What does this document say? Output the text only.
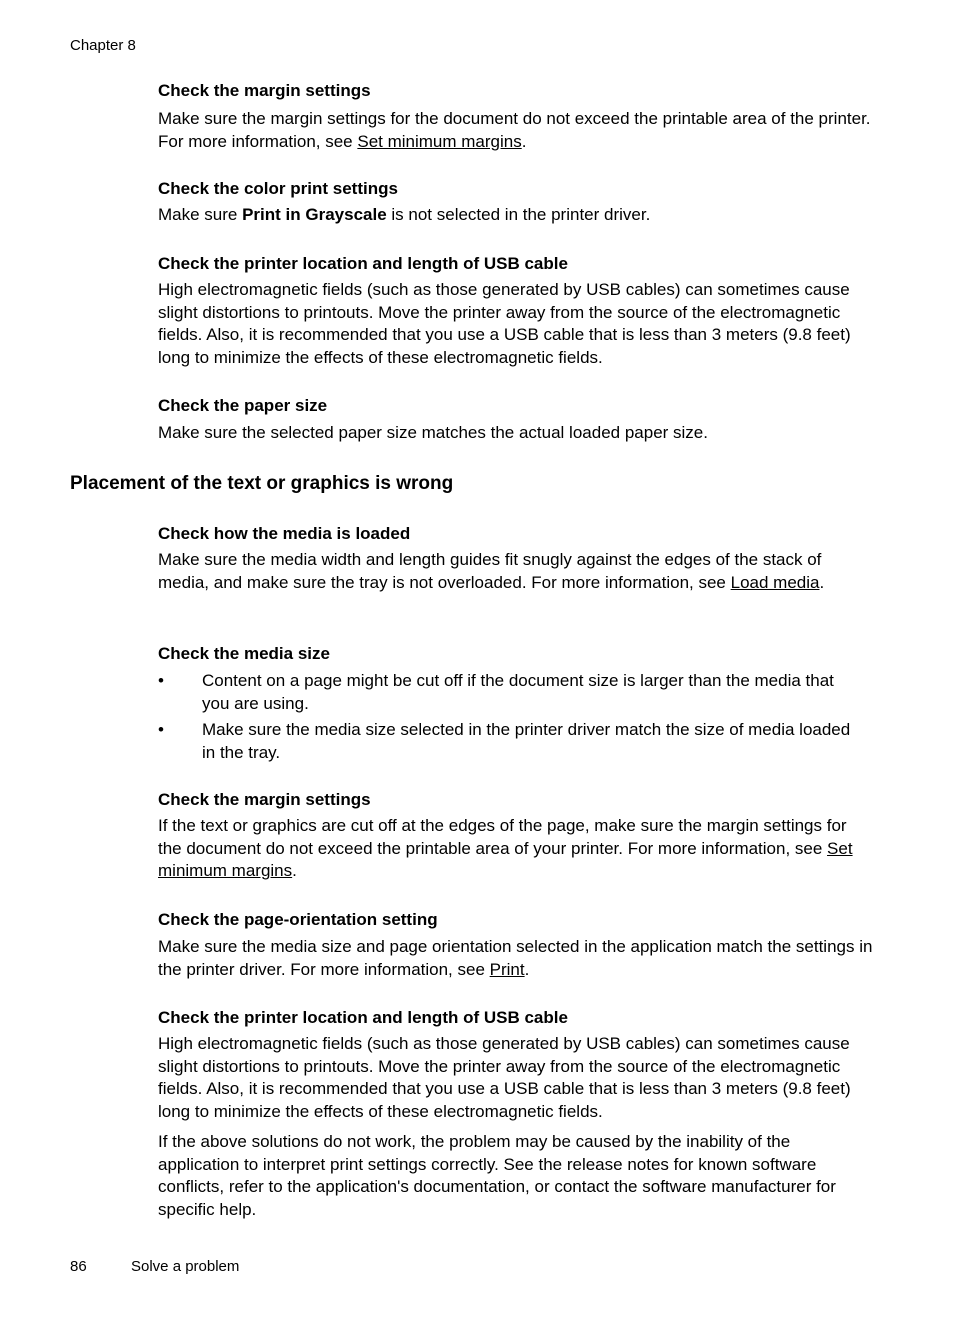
Chapter 8

Check the margin settings

Make sure the margin settings for the document do not exceed the printable area of the printer. For more information, see Set minimum margins.

Check the color print settings

Make sure Print in Grayscale is not selected in the printer driver.

Check the printer location and length of USB cable

High electromagnetic fields (such as those generated by USB cables) can sometimes cause slight distortions to printouts. Move the printer away from the source of the electromagnetic fields. Also, it is recommended that you use a USB cable that is less than 3 meters (9.8 feet) long to minimize the effects of these electromagnetic fields.

Check the paper size

Make sure the selected paper size matches the actual loaded paper size.

Placement of the text or graphics is wrong

Check how the media is loaded

Make sure the media width and length guides fit snugly against the edges of the stack of media, and make sure the tray is not overloaded. For more information, see Load media.

Check the media size

• Content on a page might be cut off if the document size is larger than the media that you are using.
• Make sure the media size selected in the printer driver match the size of media loaded in the tray.

Check the margin settings

If the text or graphics are cut off at the edges of the page, make sure the margin settings for the document do not exceed the printable area of your printer. For more information, see Set minimum margins.

Check the page-orientation setting

Make sure the media size and page orientation selected in the application match the settings in the printer driver. For more information, see Print.

Check the printer location and length of USB cable

High electromagnetic fields (such as those generated by USB cables) can sometimes cause slight distortions to printouts. Move the printer away from the source of the electromagnetic fields. Also, it is recommended that you use a USB cable that is less than 3 meters (9.8 feet) long to minimize the effects of these electromagnetic fields.

If the above solutions do not work, the problem may be caused by the inability of the application to interpret print settings correctly. See the release notes for known software conflicts, refer to the application's documentation, or contact the software manufacturer for specific help.

86	Solve a problem
